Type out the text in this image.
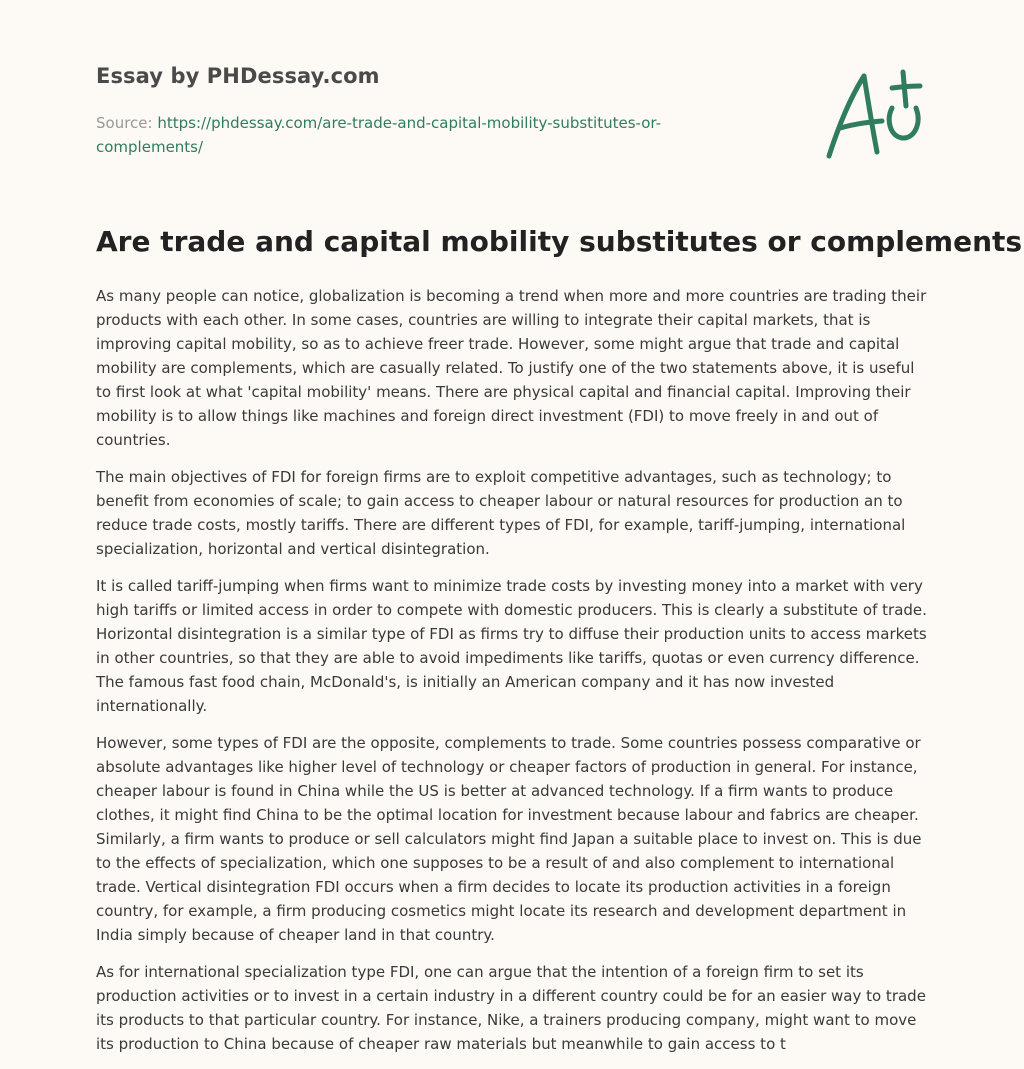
Essay by PHDessay.com
Source: https://phdessay.com/are-trade-and-capital-mobility-substitutes-or-complements/
Are trade and capital mobility substitutes or complements

As many people can notice, globalization is becoming a trend when more and more countries are trading their products with each other. In some cases, countries are willing to integrate their capital markets, that is improving capital mobility, so as to achieve freer trade. However, some might argue that trade and capital mobility are complements, which are casually related. To justify one of the two statements above, it is useful to first look at what 'capital mobility' means. There are physical capital and financial capital. Improving their mobility is to allow things like machines and foreign direct investment (FDI) to move freely in and out of countries.

The main objectives of FDI for foreign firms are to exploit competitive advantages, such as technology; to benefit from economies of scale; to gain access to cheaper labour or natural resources for production an to reduce trade costs, mostly tariffs. There are different types of FDI, for example, tariff-jumping, international specialization, horizontal and vertical disintegration.

It is called tariff-jumping when firms want to minimize trade costs by investing money into a market with very high tariffs or limited access in order to compete with domestic producers. This is clearly a substitute of trade. Horizontal disintegration is a similar type of FDI as firms try to diffuse their production units to access markets in other countries, so that they are able to avoid impediments like tariffs, quotas or even currency difference. The famous fast food chain, McDonald's, is initially an American company and it has now invested internationally.

However, some types of FDI are the opposite, complements to trade. Some countries possess comparative or absolute advantages like higher level of technology or cheaper factors of production in general. For instance, cheaper labour is found in China while the US is better at advanced technology. If a firm wants to produce clothes, it might find China to be the optimal location for investment because labour and fabrics are cheaper. Similarly, a firm wants to produce or sell calculators might find Japan a suitable place to invest on. This is due to the effects of specialization, which one supposes to be a result of and also complement to international trade. Vertical disintegration FDI occurs when a firm decides to locate its production activities in a foreign country, for example, a firm producing cosmetics might locate its research and development department in India simply because of cheaper land in that country.

As for international specialization type FDI, one can argue that the intention of a foreign firm to set its production activities or to invest in a certain industry in a different country could be for an easier way to trade its products to that particular country. For instance, Nike, a trainers producing company, might want to move its production to China because of cheaper raw materials but meanwhile to gain access to t
